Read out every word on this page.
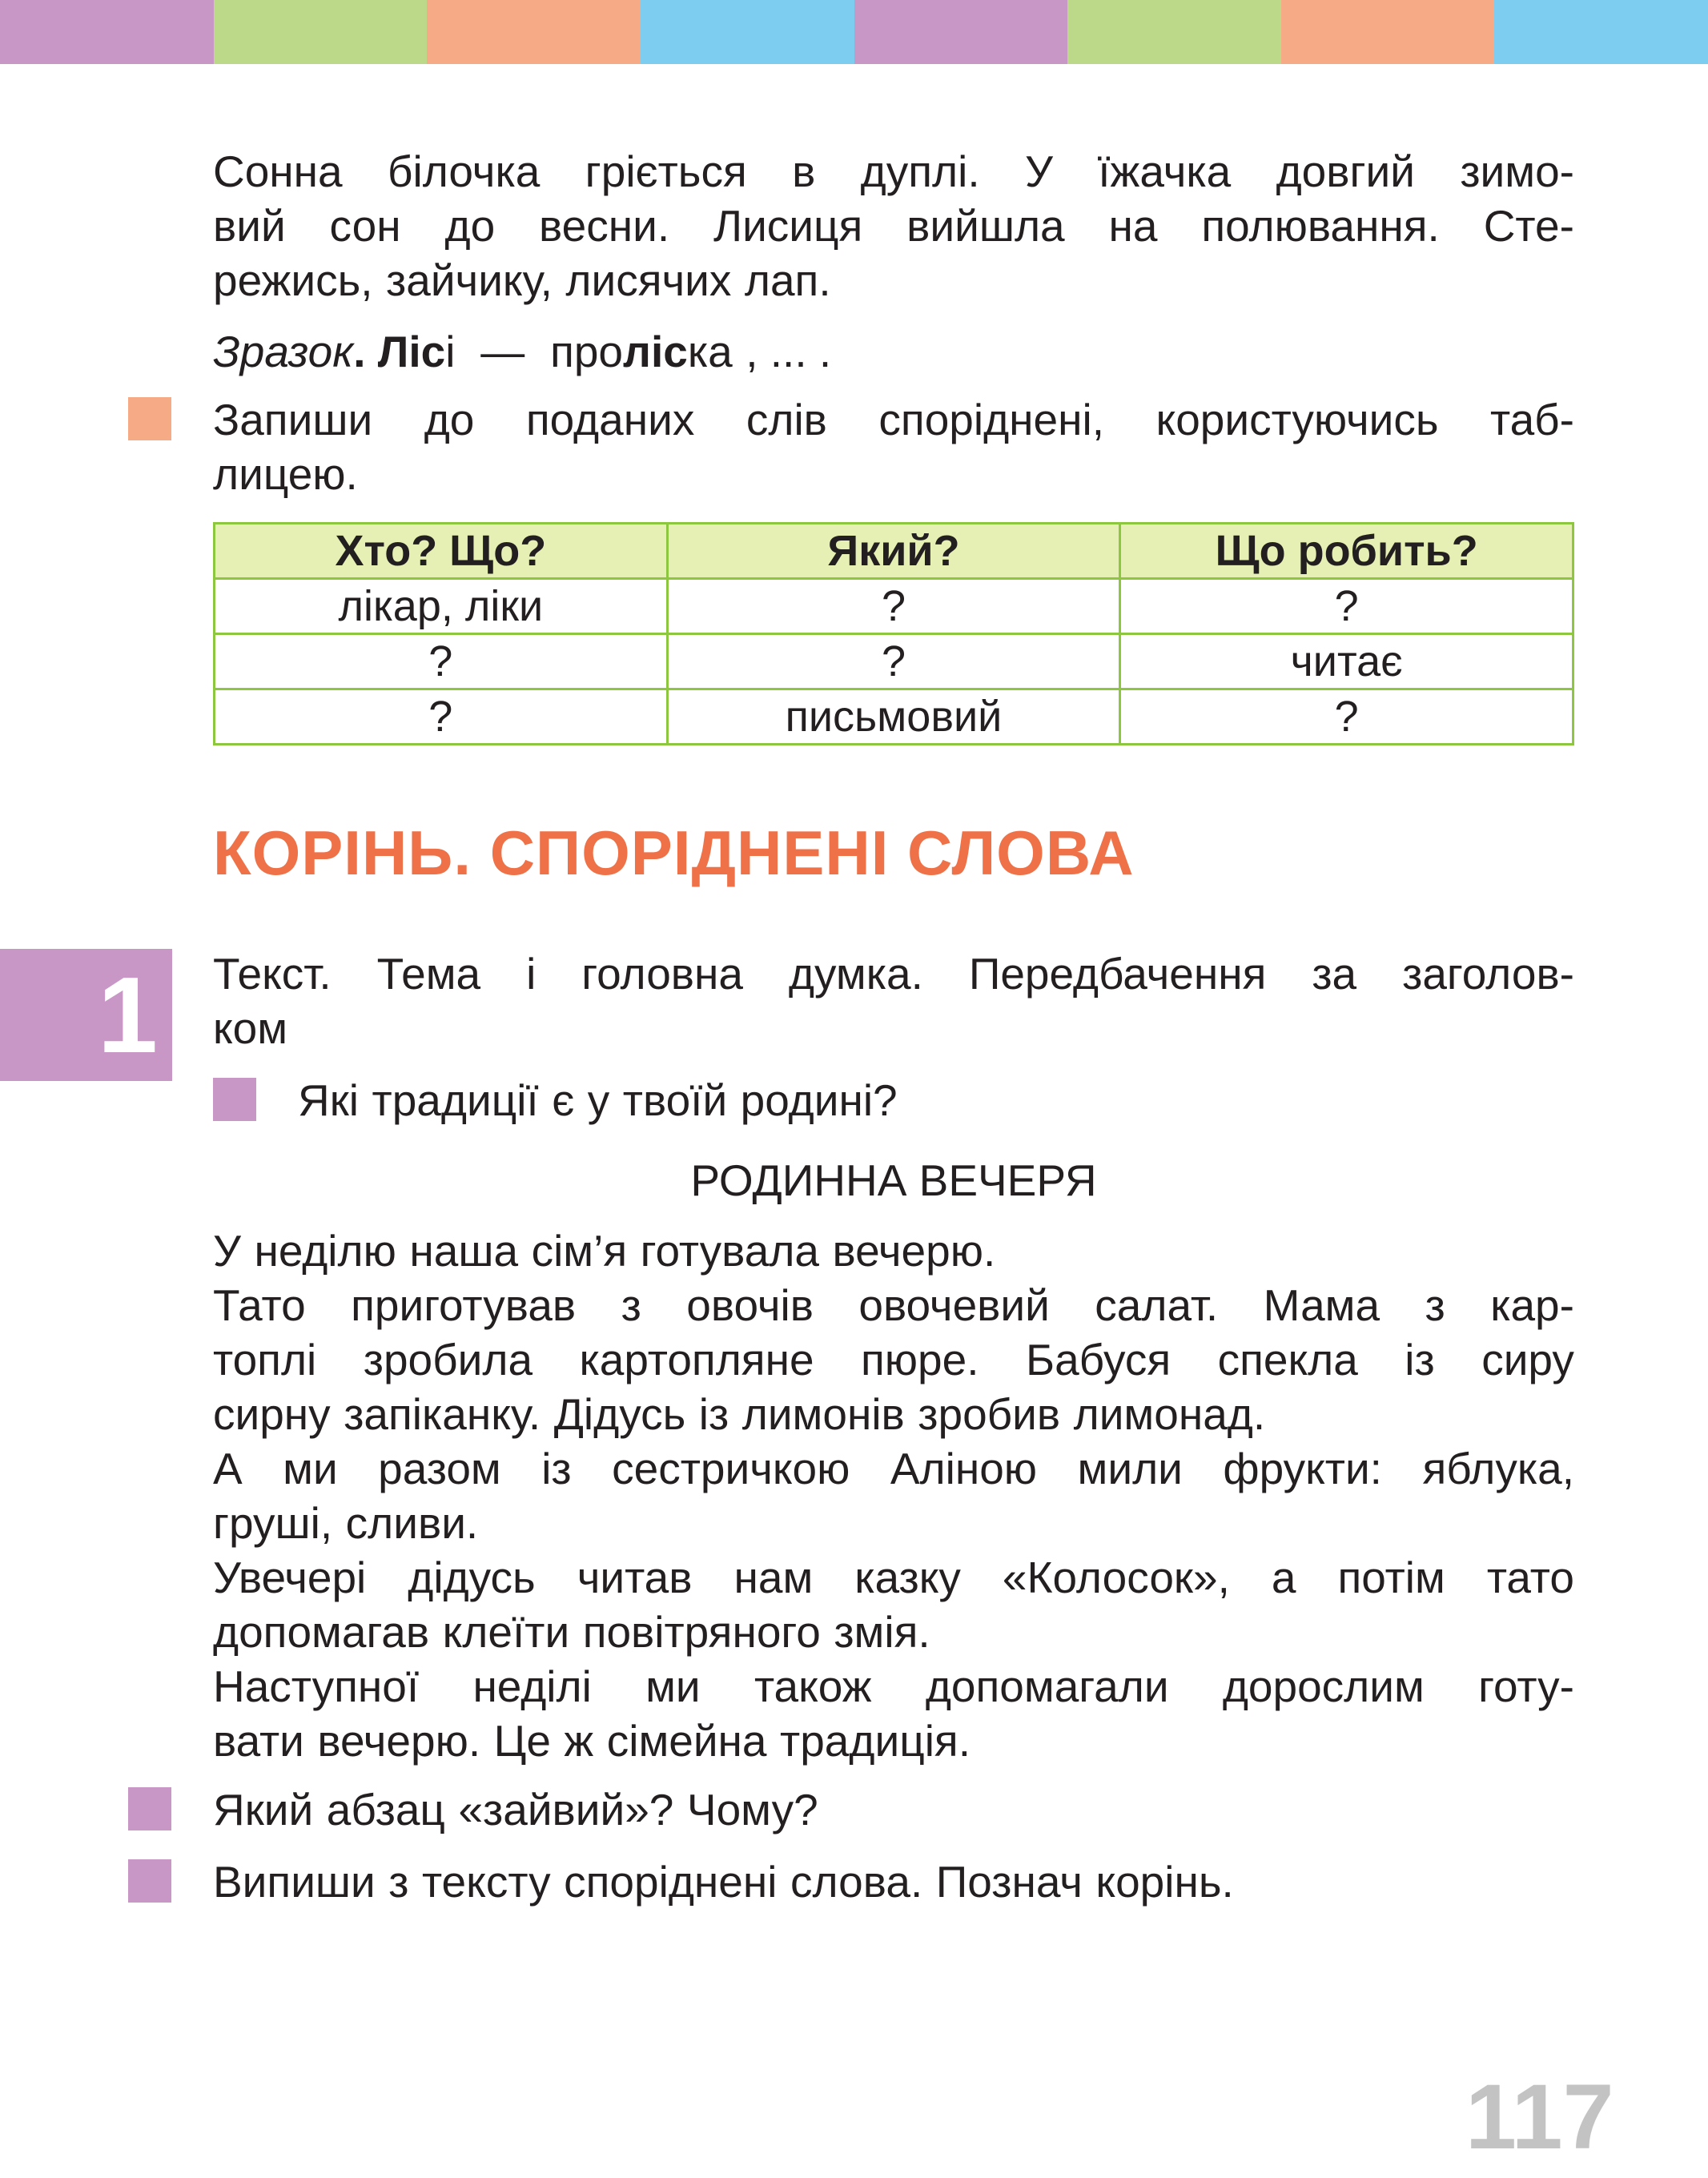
Сонна білочка гріється в дуплі. У їжачка довгий зимо-
вий сон до весни. Лисиця вийшла на полювання. Сте-
режись, зайчику, лисячих лап.
Зразок. Лісі — проліска , ... .
Запиши до поданих слів споріднені, користуючись таб-
лицею.
Хто? Що?	Який?	Що робить?
лікар, ліки	?	?
?	?	читає
?	письмовий	?
КОРІНЬ. СПОРІДНЕНІ СЛОВА
1	Текст. Тема і головна думка. Передбачення за заголов-
ком
Які традиції є у твоїй родині?
РОДИННА ВЕЧЕРЯ
У неділю наша сім’я готувала вечерю.
Тато приготував з овочів овочевий салат. Мама з кар-
топлі зробила картопляне пюре. Бабуся спекла із сиру
сирну запіканку. Дідусь із лимонів зробив лимонад.
А ми разом із сестричкою Аліною мили фрукти: яблука,
груші, сливи.
Увечері дідусь читав нам казку «Колосок», а потім тато
допомагав клеїти повітряного змія.
Наступної неділі ми також допомагали дорослим готу-
вати вечерю. Це ж сімейна традиція.
Який абзац «зайвий»? Чому?
Випиши з тексту споріднені слова. Познач корінь.
117
